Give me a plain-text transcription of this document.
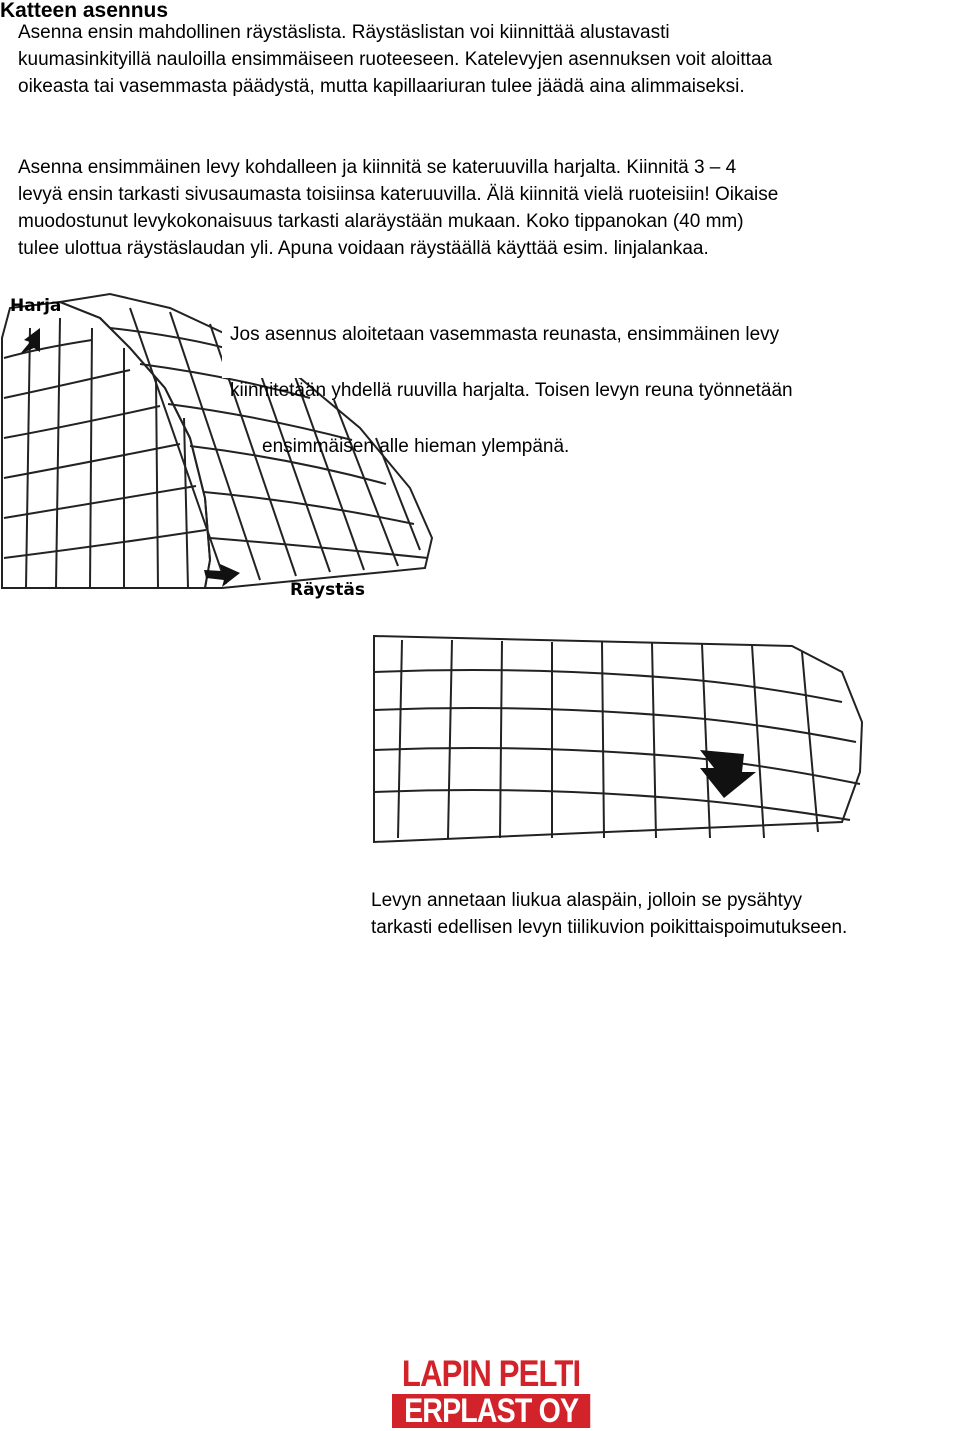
Katteen asennus

Asenna ensin mahdollinen räystäslista. Räystäslistan voi kiinnittää alustavasti
kuumasinkityillä nauloilla ensimmäiseen ruoteeseen. Katelevyjen asennuksen voit aloittaa
oikeasta tai vasemmasta päädystä, mutta kapillaariuran tulee jäädä aina alimmaiseksi.

Asenna ensimmäinen levy kohdalleen ja kiinnitä se kateruuvilla harjalta. Kiinnitä 3 – 4
levyä ensin tarkasti sivusaumasta toisiinsa kateruuvilla. Älä kiinnitä vielä ruoteisiin! Oikaise
muodostunut levykokonaisuus tarkasti alaräystään mukaan. Koko tippanokan (40 mm)
tulee ulottua räystäslaudan yli. Apuna voidaan räystäällä käyttää esim. linjalankaa.

Harja
Räystäs

Jos asennus aloitetaan vasemmasta reunasta, ensimmäinen levy

kiinnitetään yhdellä ruuvilla harjalta. Toisen levyn reuna työnnetään

ensimmäisen alle hieman ylempänä.

Levyn annetaan liukua alaspäin, jolloin se pysähtyy
tarkasti edellisen levyn tiilikuvion poikittaispoimutukseen.
LAPIN PELTI
ERPLAST OY
